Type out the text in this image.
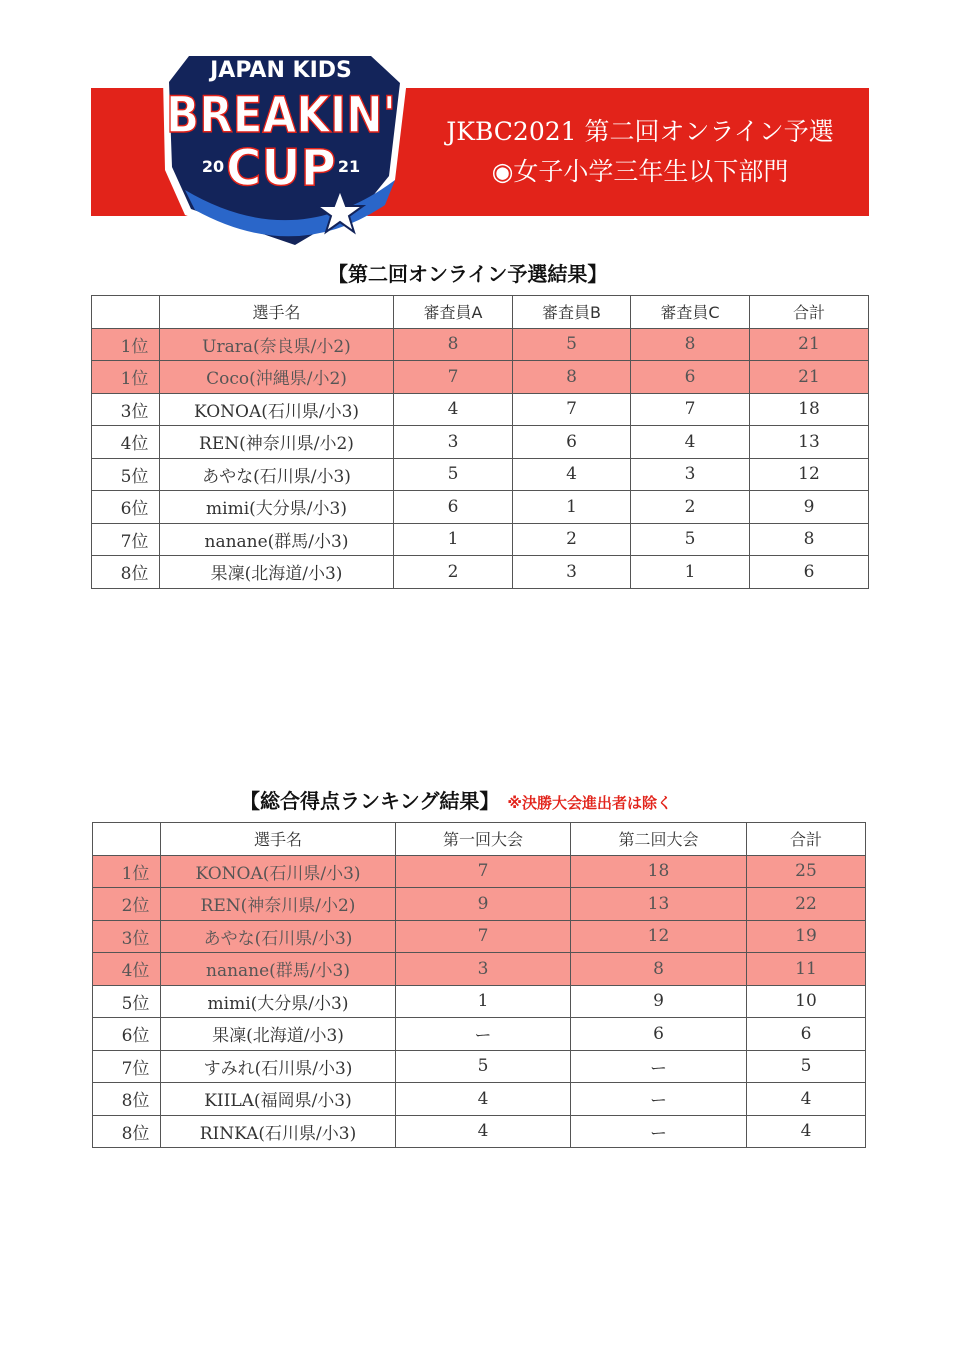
JAPAN KIDS
BREAKIN'
CUP
20	21
JKBC2021 第二回オンライン予選
◉女子小学三年生以下部門
【第二回オンライン予選結果】
	選手名	審査員A	審査員B	審査員C	合計
1位	Urara(奈良県/小2)	8	5	8	21
1位	Coco(沖縄県/小2)	7	8	6	21
3位	KONOA(石川県/小3)	4	7	7	18
4位	REN(神奈川県/小2)	3	6	4	13
5位	あやな(石川県/小3)	5	4	3	12
6位	mimi(大分県/小3)	6	1	2	9
7位	nanane(群馬/小3)	1	2	5	8
8位	果凜(北海道/小3)	2	3	1	6
【総合得点ランキング結果】 ※決勝大会進出者は除く
	選手名	第一回大会	第二回大会	合計
1位	KONOA(石川県/小3)	7	18	25
2位	REN(神奈川県/小2)	9	13	22
3位	あやな(石川県/小3)	7	12	19
4位	nanane(群馬/小3)	3	8	11
5位	mimi(大分県/小3)	1	9	10
6位	果凜(北海道/小3)	ー	6	6
7位	すみれ(石川県/小3)	5	ー	5
8位	KIILA(福岡県/小3)	4	ー	4
8位	RINKA(石川県/小3)	4	ー	4
